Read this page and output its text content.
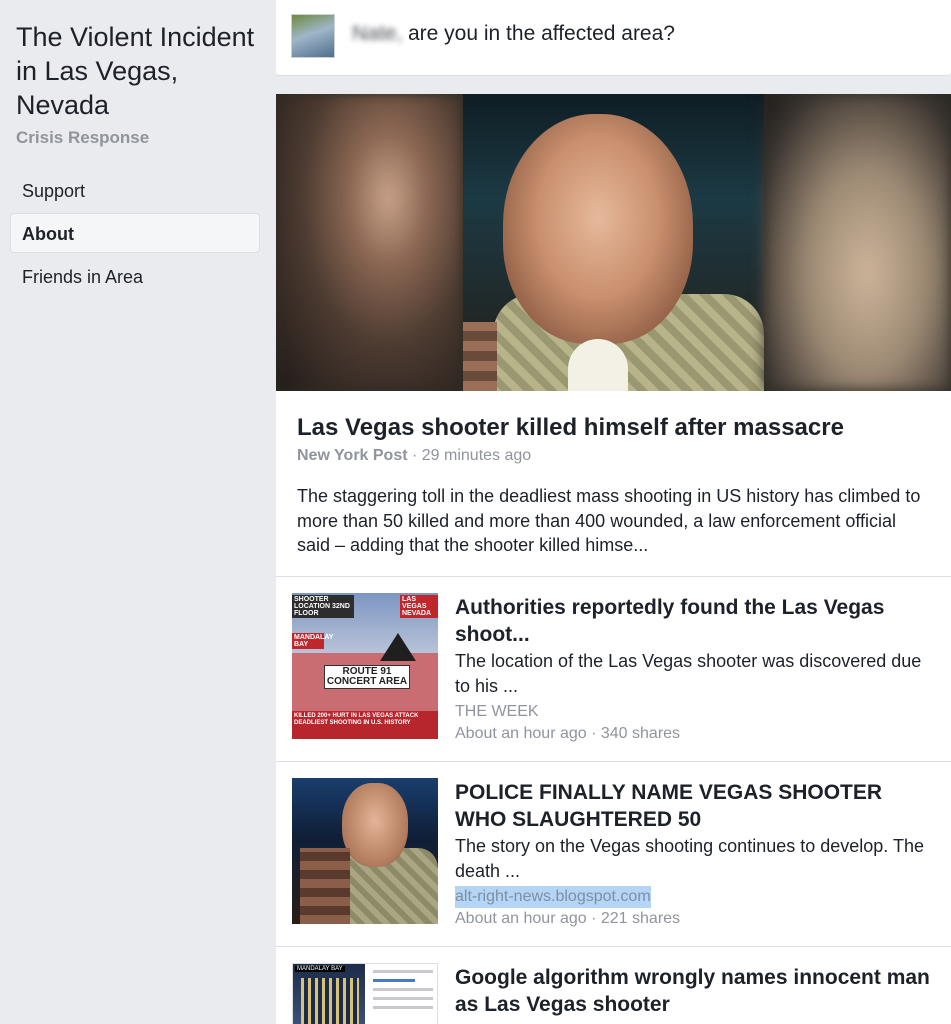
The Violent Incident in Las Vegas, Nevada
Crisis Response
Support
About
Friends in Area
Nate, are you in the affected area?
Las Vegas shooter killed himself after massacre
New York Post · 29 minutes ago
The staggering toll in the deadliest mass shooting in US history has climbed to more than 50 killed and more than 400 wounded, a law enforcement official said – adding that the shooter killed himse...
SHOOTER LOCATION 32ND FLOOR
LAS VEGAS NEVADA
MANDALAY BAY
ROUTE 91 CONCERT AREA
KILLED 200+ HURT IN LAS VEGAS ATTACK DEADLIEST SHOOTING IN U.S. HISTORY
Authorities reportedly found the Las Vegas shoot...
The location of the Las Vegas shooter was discovered due to his ...
THE WEEK
About an hour ago · 340 shares
POLICE FINALLY NAME VEGAS SHOOTER WHO SLAUGHTERED 50
The story on the Vegas shooting continues to develop. The death ...
alt-right-news.blogspot.com
About an hour ago · 221 shares
MANDALAY BAY	Google algorithm wrongly names innocent man as Las Vegas shooter
